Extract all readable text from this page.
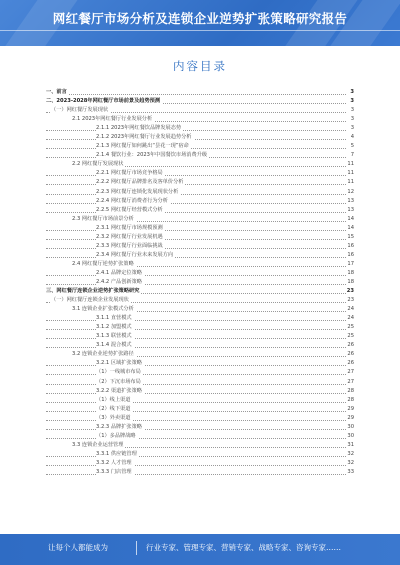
网红餐厅市场分析及连锁企业逆势扩张策略研究报告
内容目录
一、前言	3
二、2023-2028年网红餐厅市场前景及趋势预测	3
（一）网红餐厅发展现状	3
2.1 2023年网红餐厅行业发展分析	3
2.1.1 2023年网红餐饮品牌发展态势	3
2.1.2 2023年网红餐厅行业发展趋势分析	4
2.1.3 网红餐厅如何跳出“昙花一现”宿命	5
2.1.4 餐饮行业：2023年中国餐饮市场消费升级	7
2.2 网红餐厅发展现状	11
2.2.1 网红餐厅市场竞争格局	11
2.2.2 网红餐厅品牌排名及客单价分析	11
2.2.3 网红餐厅连锁化发展现状分析	12
2.2.4 网红餐厅消费者行为分析	13
2.2.5 网红餐厅经营模式分析	13
2.3 网红餐厅市场前景分析	14
2.3.1 网红餐厅市场规模预测	14
2.3.2 网红餐厅行业发展机遇	15
2.3.3 网红餐厅行业面临挑战	16
2.3.4 网红餐厅行业未来发展方向	16
2.4 网红餐厅逆势扩张策略	17
2.4.1 品牌定位策略	18
2.4.2 产品创新策略	18
三、网红餐厅连锁企业逆势扩张策略研究	23
（一）网红餐厅连锁企业发展现状	23
3.1 连锁企业扩张模式分析	24
3.1.1 直营模式	24
3.1.2 加盟模式	25
3.1.3 联营模式	25
3.1.4 混合模式	26
3.2 连锁企业逆势扩张路径	26
3.2.1 区域扩张策略	26
（1）一线城市布局	27
（2）下沉市场布局	27
3.2.2 渠道扩张策略	28
（1）线上渠道	28
（2）线下渠道	29
（3）外卖渠道	29
3.2.3 品牌扩张策略	30
（1）多品牌战略	30
3.3 连锁企业运营管理	31
3.3.1 供应链管理	32
3.3.2 人才管理	32
3.3.3 门店管理	33
让每个人都能成为	行业专家、管理专家、营销专家、战略专家、咨询专家……
